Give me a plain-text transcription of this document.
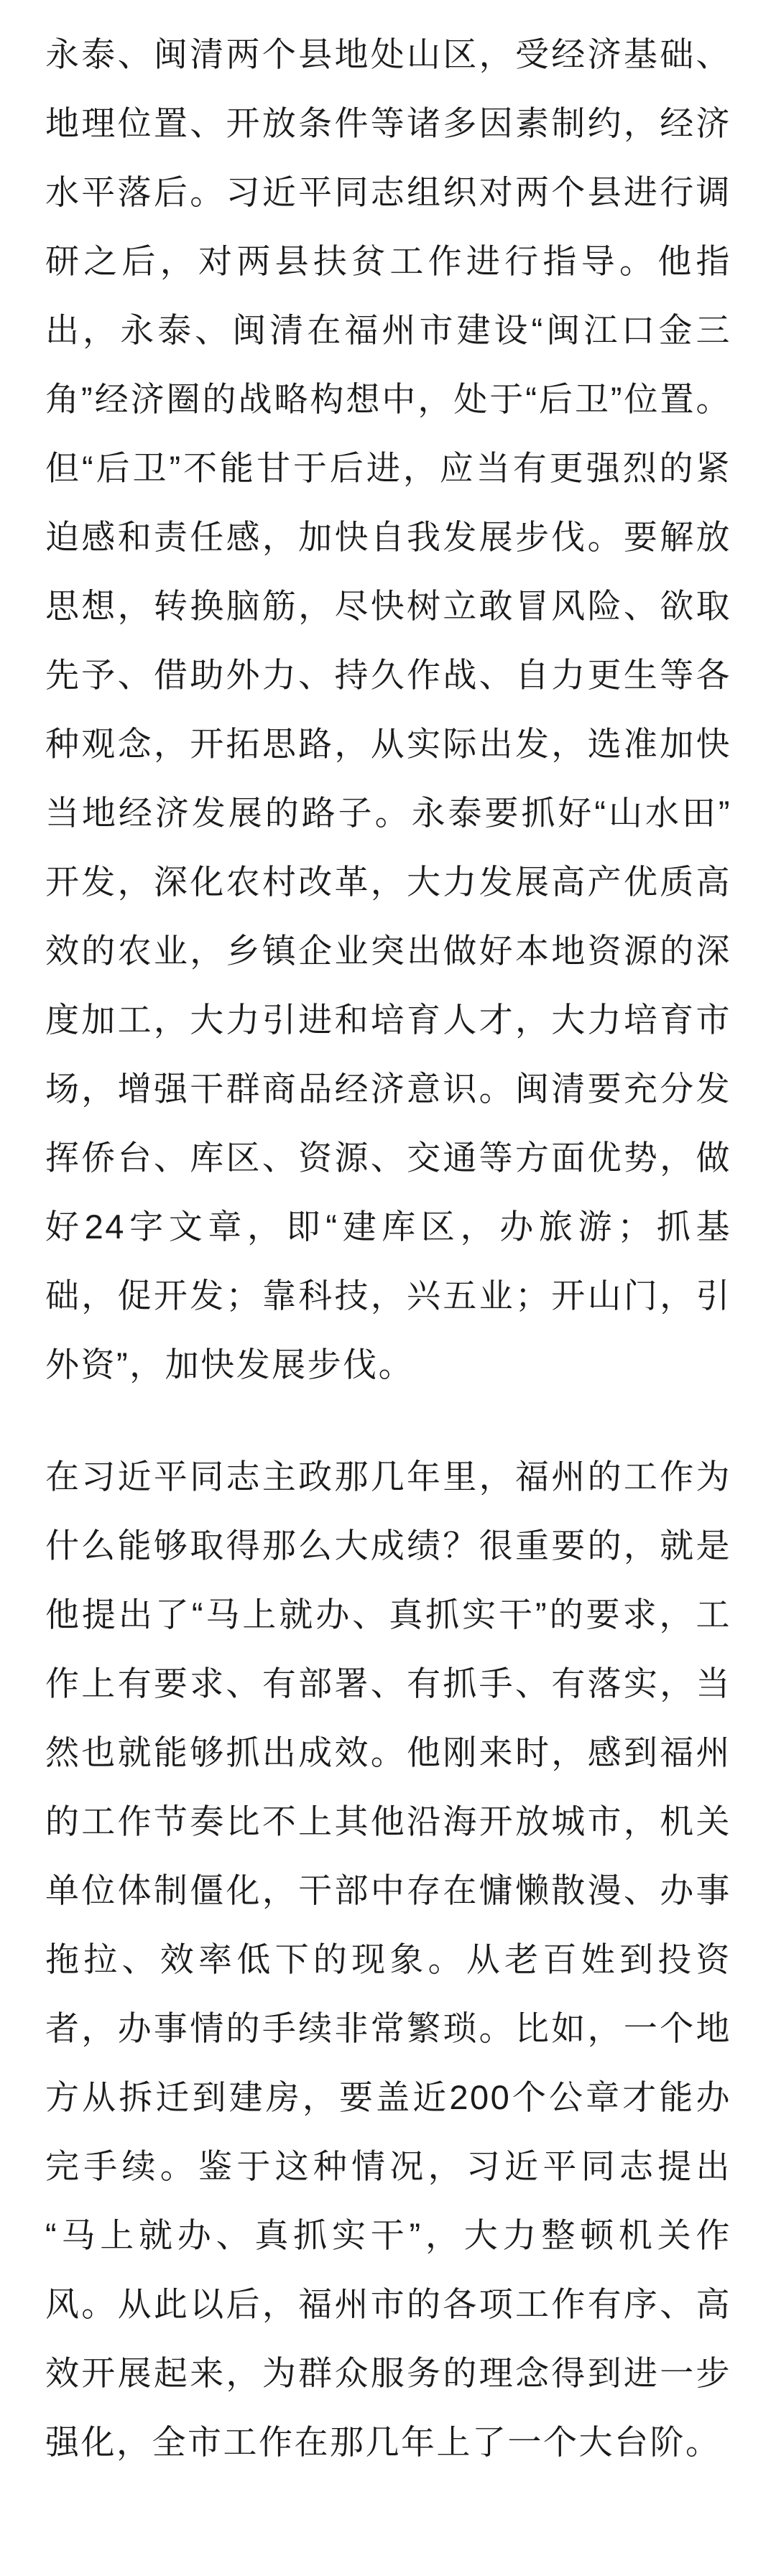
永泰、闽清两个县地处山区，受经济基础、地理位置、开放条件等诸多因素制约，经济水平落后。习近平同志组织对两个县进行调研之后，对两县扶贫工作进行指导。他指出，永泰、闽清在福州市建设“闽江口金三角”经济圈的战略构想中，处于“后卫”位置。但“后卫”不能甘于后进，应当有更强烈的紧迫感和责任感，加快自我发展步伐。要解放思想，转换脑筋，尽快树立敢冒风险、欲取先予、借助外力、持久作战、自力更生等各种观念，开拓思路，从实际出发，选准加快当地经济发展的路子。永泰要抓好“山水田”开发，深化农村改革，大力发展高产优质高效的农业，乡镇企业突出做好本地资源的深度加工，大力引进和培育人才，大力培育市场，增强干群商品经济意识。闽清要充分发挥侨台、库区、资源、交通等方面优势，做好24字文章，即“建库区，办旅游；抓基础，促开发；靠科技，兴五业；开山门，引外资”，加快发展步伐。

在习近平同志主政那几年里，福州的工作为什么能够取得那么大成绩？很重要的，就是他提出了“马上就办、真抓实干”的要求，工作上有要求、有部署、有抓手、有落实，当然也就能够抓出成效。他刚来时，感到福州的工作节奏比不上其他沿海开放城市，机关单位体制僵化，干部中存在慵懒散漫、办事拖拉、效率低下的现象。从老百姓到投资者，办事情的手续非常繁琐。比如，一个地方从拆迁到建房，要盖近200个公章才能办完手续。鉴于这种情况，习近平同志提出“马上就办、真抓实干”，大力整顿机关作风。从此以后，福州市的各项工作有序、高效开展起来，为群众服务的理念得到进一步强化，全市工作在那几年上了一个大台阶。
